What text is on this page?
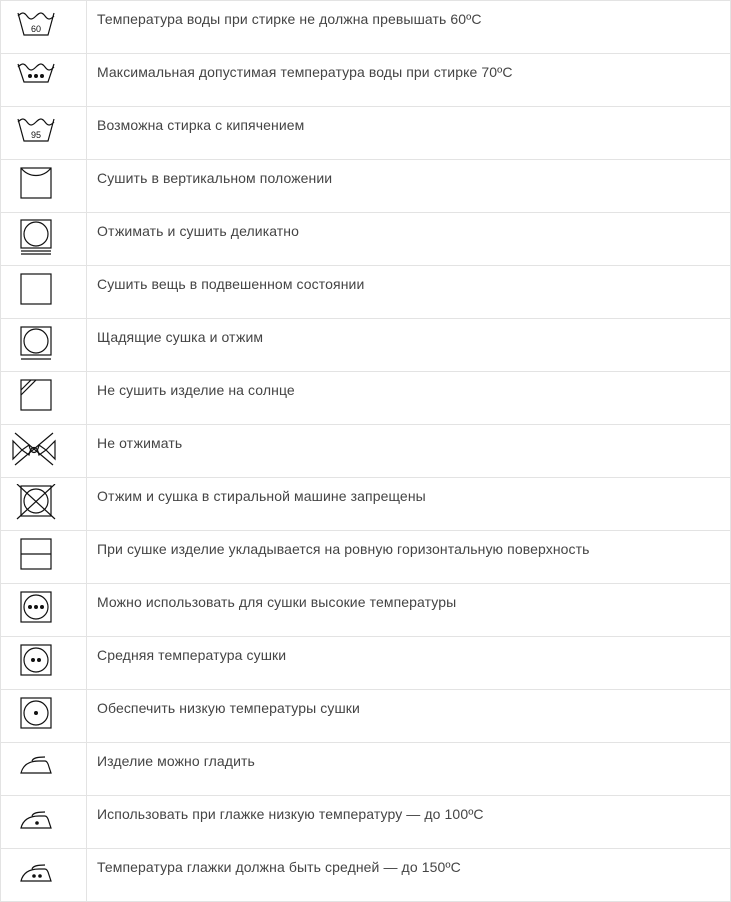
60	Температура воды при стирке не должна превышать 60ºС

	Максимальная допустимая температура воды при стирке 70ºС

95	Возможна стирка с кипячением

	Сушить в вертикальном положении

	Отжимать и сушить деликатно

	Сушить вещь в подвешенном состоянии

	Щадящие сушка и отжим

	Не сушить изделие на солнце

	Не отжимать

	Отжим и сушка в стиральной машине запрещены

	При сушке изделие укладывается на ровную горизонтальную поверхность

	Можно использовать для сушки высокие температуры

	Средняя температура сушки

	Обеспечить низкую температуры сушки

	Изделие можно гладить

	Использовать при глажке низкую температуру — до 100ºС

	Температура глажки должна быть средней — до 150ºС
